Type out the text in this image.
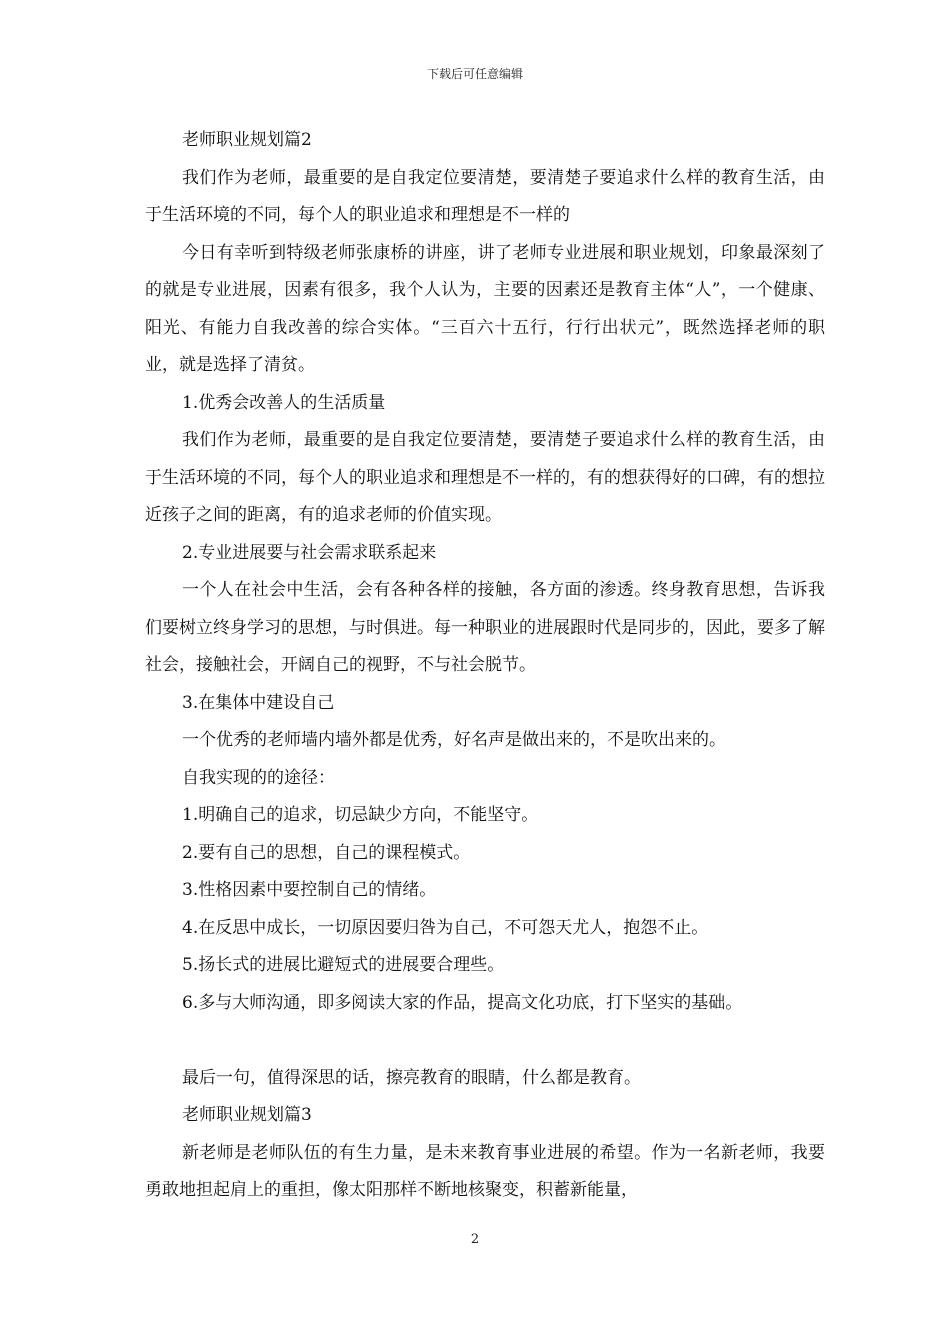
下载后可任意编辑

老师职业规划篇2

我们作为老师，最重要的是自我定位要清楚，要清楚子要追求什么样的教育生活，由于生活环境的不同，每个人的职业追求和理想是不一样的

今日有幸听到特级老师张康桥的讲座，讲了老师专业进展和职业规划，印象最深刻了的就是专业进展，因素有很多，我个人认为，主要的因素还是教育主体“人”，一个健康、阳光、有能力自我改善的综合实体。“三百六十五行，行行出状元”，既然选择老师的职业，就是选择了清贫。

1.优秀会改善人的生活质量

我们作为老师，最重要的是自我定位要清楚，要清楚子要追求什么样的教育生活，由于生活环境的不同，每个人的职业追求和理想是不一样的，有的想获得好的口碑，有的想拉近孩子之间的距离，有的追求老师的价值实现。

2.专业进展要与社会需求联系起来

一个人在社会中生活，会有各种各样的接触，各方面的渗透。终身教育思想，告诉我们要树立终身学习的思想，与时俱进。每一种职业的进展跟时代是同步的，因此，要多了解社会，接触社会，开阔自己的视野，不与社会脱节。

3.在集体中建设自己

一个优秀的老师墙内墙外都是优秀，好名声是做出来的，不是吹出来的。

自我实现的的途径：

1.明确自己的追求，切忌缺少方向，不能坚守。

2.要有自己的思想，自己的课程模式。

3.性格因素中要控制自己的情绪。

4.在反思中成长，一切原因要归咎为自己，不可怨天尤人，抱怨不止。

5.扬长式的进展比避短式的进展要合理些。

6.多与大师沟通，即多阅读大家的作品，提高文化功底，打下坚实的基础。

最后一句，值得深思的话，擦亮教育的眼睛，什么都是教育。

老师职业规划篇3

新老师是老师队伍的有生力量，是未来教育事业进展的希望。作为一名新老师，我要勇敢地担起肩上的重担，像太阳那样不断地核聚变，积蓄新能量，

2
